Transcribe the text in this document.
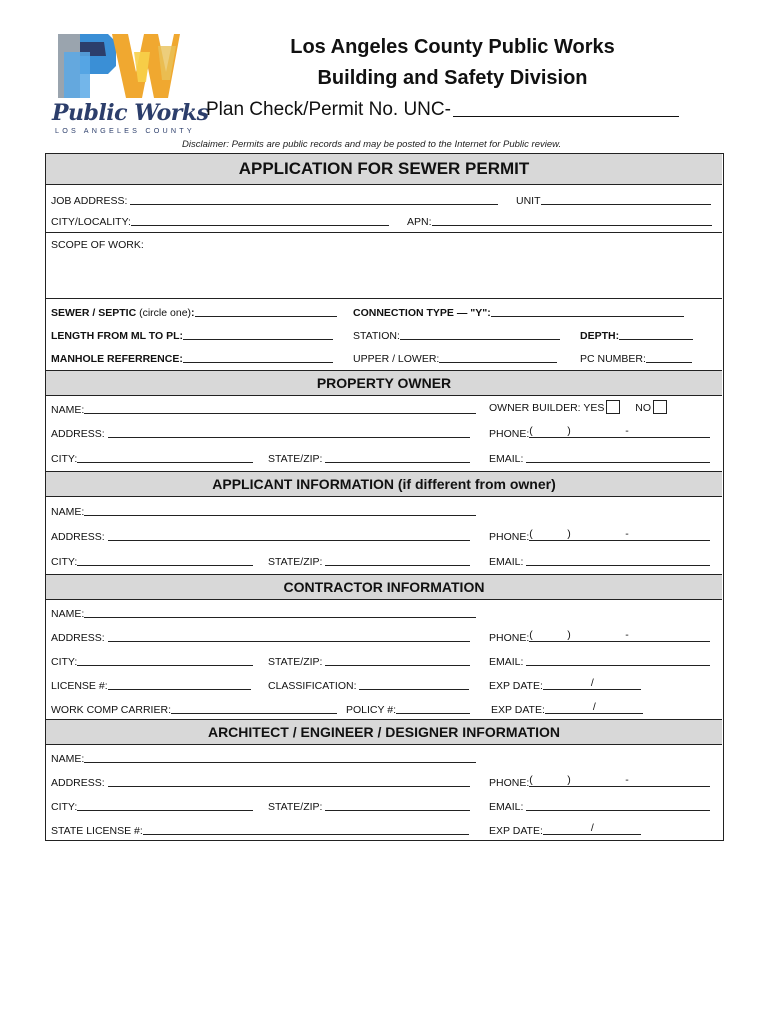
Public Works
LOS ANGELES COUNTY
Los Angeles County Public Works
Building and Safety Division
Plan Check/Permit No. UNC-
Disclaimer: Permits are public records and may be posted to the Internet for Public review.
APPLICATION FOR SEWER PERMIT
JOB ADDRESS:	UNIT
CITY/LOCALITY:	APN:
SCOPE OF WORK:
SEWER / SEPTIC (circle one):	CONNECTION TYPE — "Y":
LENGTH FROM ML TO PL:	STATION:	DEPTH:
MANHOLE REFERRENCE:	UPPER / LOWER:	PC NUMBER:
PROPERTY OWNER
NAME:	OWNER BUILDER: YES	NO
ADDRESS:	PHONE: (	)	-
CITY:	STATE/ZIP:	EMAIL:
APPLICANT INFORMATION (if different from owner)
NAME:
ADDRESS:	PHONE: (	)	-
CITY:	STATE/ZIP:	EMAIL:
CONTRACTOR INFORMATION
NAME:
ADDRESS:	PHONE: (	)	-
CITY:	STATE/ZIP:	EMAIL:
LICENSE #:	CLASSIFICATION:	EXP DATE:	/
WORK COMP CARRIER:	POLICY #:	EXP DATE:	/
ARCHITECT / ENGINEER / DESIGNER INFORMATION
NAME:
ADDRESS:	PHONE: (	)	-
CITY:	STATE/ZIP:	EMAIL:
STATE LICENSE #:	EXP DATE:	/
